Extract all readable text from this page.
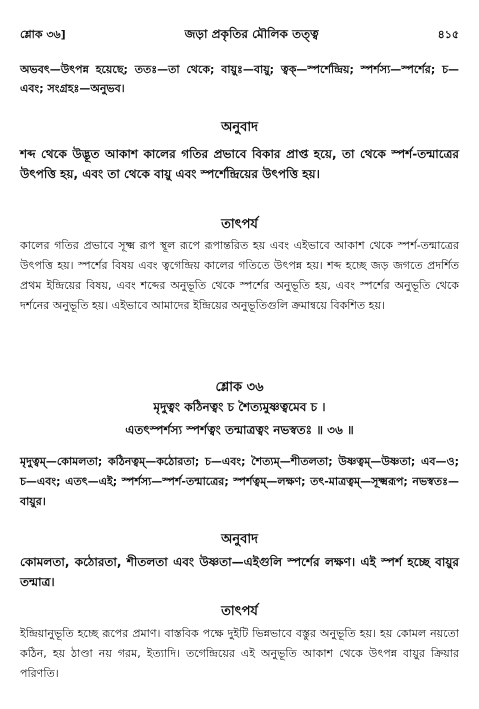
শ্লোক ৩৬]	জড়া প্রকৃতির মৌলিক তত্ত্ব	৪১৫
অভবৎ—উৎপন্ন হয়েছে; ততঃ—তা থেকে; বায়ুঃ—বায়ু; ত্বক্‌—স্পর্শেন্দ্রিয়; স্পর্শস্য—স্পর্শের; চ—এবং; সংগ্রহঃ—অনুভব।
অনুবাদ
শব্দ থেকে উদ্ভূত আকাশ কালের গতির প্রভাবে বিকার প্রাপ্ত হয়ে, তা থেকে স্পর্শ-তন্মাত্রের উৎপত্তি হয়, এবং তা থেকে বায়ু এবং স্পর্শেন্দ্রিয়ের উৎপত্তি হয়।
তাৎপর্য
কালের গতির প্রভাবে সূক্ষ্ম রূপ স্থূল রূপে রূপান্তরিত হয় এবং এইভাবে আকাশ থেকে স্পর্শ-তন্মাত্রের উৎপত্তি হয়। স্পর্শের বিষয় এবং ত্বগেন্দ্রিয় কালের গতিতে উৎপন্ন হয়। শব্দ হচ্ছে জড় জগতে প্রদর্শিত প্রথম ইন্দ্রিয়ের বিষয়, এবং শব্দের অনুভূতি থেকে স্পর্শের অনুভূতি হয়, এবং স্পর্শের অনুভূতি থেকে দর্শনের অনুভূতি হয়। এইভাবে আমাদের ইন্দ্রিয়ের অনুভূতিগুলি ক্রমান্বয়ে বিকশিত হয়।
শ্লোক ৩৬
মৃদুত্বং কঠিনত্বং চ শৈত্যমুষ্ণত্বমেব চ ।
এতৎস্পর্শস্য স্পর্শত্বং তন্মাত্রত্বং নভস্বতঃ ॥ ৩৬ ॥
মৃদুত্বম্‌—কোমলতা; কঠিনত্বম্‌—কঠোরতা; চ—এবং; শৈত্যম্‌—শীতলতা; উষ্ণত্বম্‌—উষ্ণতা; এব—ও; চ—এবং; এতৎ—এই; স্পর্শস্য—স্পর্শ-তন্মাত্রের; স্পর্শত্বম্‌—লক্ষণ; তৎ-মাত্রত্বম্‌—সূক্ষ্মরূপ; নভস্বতঃ—বায়ুর।
অনুবাদ
কোমলতা, কঠোরতা, শীতলতা এবং উষ্ণতা—এইগুলি স্পর্শের লক্ষণ। এই স্পর্শ হচ্ছে বায়ুর তন্মাত্র।
তাৎপর্য
ইন্দ্রিয়ানুভূতি হচ্ছে রূপের প্রমাণ। বাস্তবিক পক্ষে দুইটি ভিন্নভাবে বস্তুর অনুভূতি হয়। হয় কোমল নয়তো কঠিন, হয় ঠাণ্ডা নয় গরম, ইত্যাদি। তগেন্দ্রিয়ের এই অনুভূতি আকাশ থেকে উৎপন্ন বায়ুর ক্রিয়ার পরিণতি।
